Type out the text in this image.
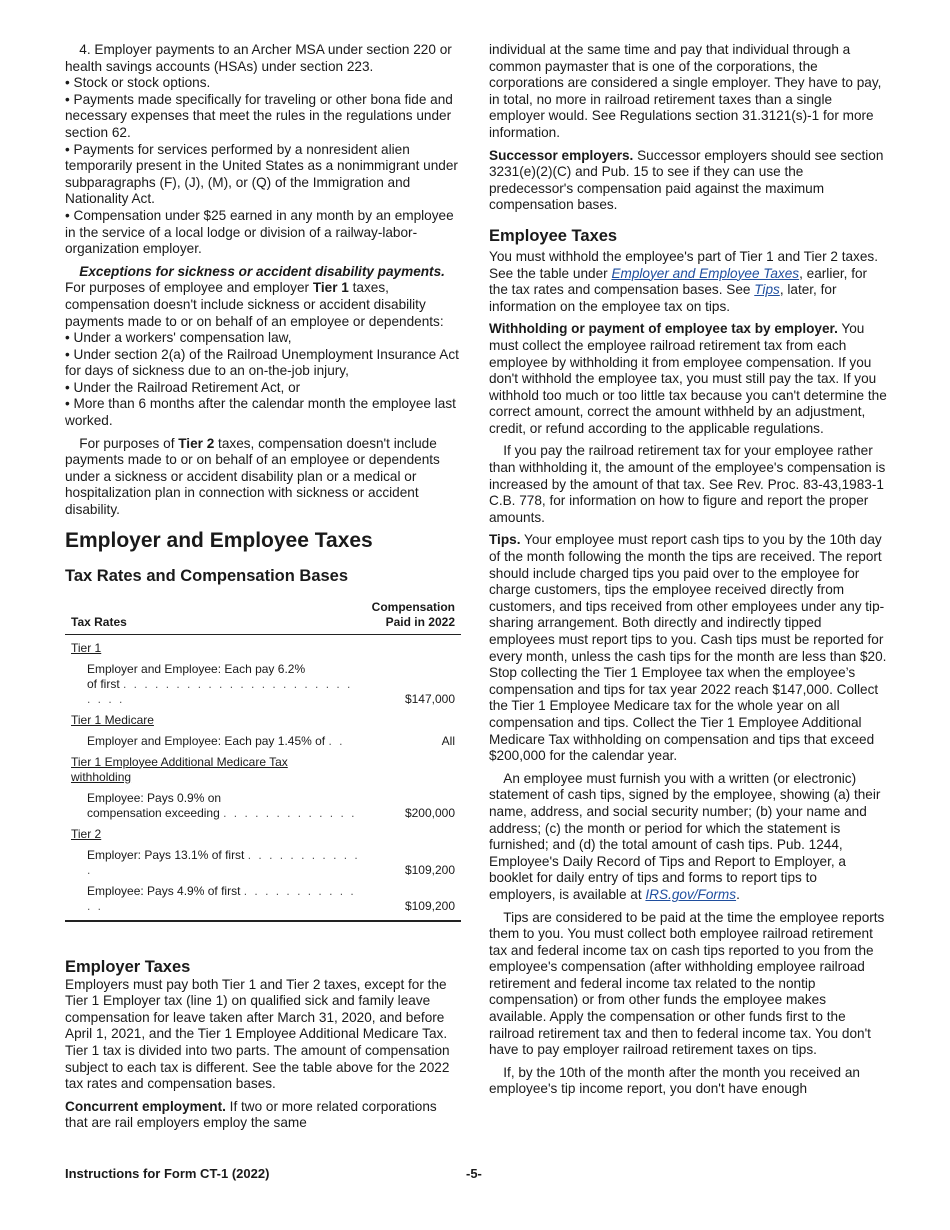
4. Employer payments to an Archer MSA under section 220 or health savings accounts (HSAs) under section 223.

• Stock or stock options.

• Payments made specifically for traveling or other bona fide and necessary expenses that meet the rules in the regulations under section 62.

• Payments for services performed by a nonresident alien temporarily present in the United States as a nonimmigrant under subparagraphs (F), (J), (M), or (Q) of the Immigration and Nationality Act.

• Compensation under $25 earned in any month by an employee in the service of a local lodge or division of a railway-labor-organization employer.

Exceptions for sickness or accident disability payments. For purposes of employee and employer Tier 1 taxes, compensation doesn't include sickness or accident disability payments made to or on behalf of an employee or dependents:

• Under a workers' compensation law,

• Under section 2(a) of the Railroad Unemployment Insurance Act for days of sickness due to an on-the-job injury,

• Under the Railroad Retirement Act, or

• More than 6 months after the calendar month the employee last worked.

For purposes of Tier 2 taxes, compensation doesn't include payments made to or on behalf of an employee or dependents under a sickness or accident disability plan or a medical or hospitalization plan in connection with sickness or accident disability.

Employer and Employee Taxes
Tax Rates and Compensation Bases
Tax Rates
Compensation
Paid in 2022
Tier 1
Employer and Employee: Each pay 6.2%
of first . . . . . . . . . . . . . . . . . . . . . . . . . .	$147,000
Tier 1 Medicare
Employer and Employee: Each pay 1.45% of . .	All
Tier 1 Employee Additional Medicare Tax
withholding
Employee: Pays 0.9% on
compensation exceeding . . . . . . . . . . . . .	$200,000
Tier 2
Employer: Pays 13.1% of first . . . . . . . . . . . .	$109,200
Employee: Pays 4.9% of first . . . . . . . . . . . . .	$109,200
Employer Taxes

Employers must pay both Tier 1 and Tier 2 taxes, except for the Tier 1 Employer tax (line 1) on qualified sick and family leave compensation for leave taken after March 31, 2020, and before April 1, 2021, and the Tier 1 Employee Additional Medicare Tax. Tier 1 tax is divided into two parts. The amount of compensation subject to each tax is different. See the table above for the 2022 tax rates and compensation bases.

Concurrent employment. If two or more related corporations that are rail employers employ the same

individual at the same time and pay that individual through a common paymaster that is one of the corporations, the corporations are considered a single employer. They have to pay, in total, no more in railroad retirement taxes than a single employer would. See Regulations section 31.3121(s)-1 for more information.

Successor employers. Successor employers should see section 3231(e)(2)(C) and Pub. 15 to see if they can use the predecessor's compensation paid against the maximum compensation bases.

Employee Taxes

You must withhold the employee's part of Tier 1 and Tier 2 taxes. See the table under Employer and Employee Taxes, earlier, for the tax rates and compensation bases. See Tips, later, for information on the employee tax on tips.

Withholding or payment of employee tax by employer. You must collect the employee railroad retirement tax from each employee by withholding it from employee compensation. If you don't withhold the employee tax, you must still pay the tax. If you withhold too much or too little tax because you can't determine the correct amount, correct the amount withheld by an adjustment, credit, or refund according to the applicable regulations.

If you pay the railroad retirement tax for your employee rather than withholding it, the amount of the employee's compensation is increased by the amount of that tax. See Rev. Proc. 83-43,1983-1 C.B. 778, for information on how to figure and report the proper amounts.

Tips. Your employee must report cash tips to you by the 10th day of the month following the month the tips are received. The report should include charged tips you paid over to the employee for charge customers, tips the employee received directly from customers, and tips received from other employees under any tip-sharing arrangement. Both directly and indirectly tipped employees must report tips to you. Cash tips must be reported for every month, unless the cash tips for the month are less than $20. Stop collecting the Tier 1 Employee tax when the employee’s compensation and tips for tax year 2022 reach $147,000. Collect the Tier 1 Employee Medicare tax for the whole year on all compensation and tips. Collect the Tier 1 Employee Additional Medicare Tax withholding on compensation and tips that exceed $200,000 for the calendar year.

An employee must furnish you with a written (or electronic) statement of cash tips, signed by the employee, showing (a) their name, address, and social security number; (b) your name and address; (c) the month or period for which the statement is furnished; and (d) the total amount of cash tips. Pub. 1244, Employee's Daily Record of Tips and Report to Employer, a booklet for daily entry of tips and forms to report tips to employers, is available at IRS.gov/Forms.

Tips are considered to be paid at the time the employee reports them to you. You must collect both employee railroad retirement tax and federal income tax on cash tips reported to you from the employee's compensation (after withholding employee railroad retirement and federal income tax related to the nontip compensation) or from other funds the employee makes available. Apply the compensation or other funds first to the railroad retirement tax and then to federal income tax. You don't have to pay employer railroad retirement taxes on tips.

If, by the 10th of the month after the month you received an employee's tip income report, you don't have enough

Instructions for Form CT-1 (2022)	-5-
